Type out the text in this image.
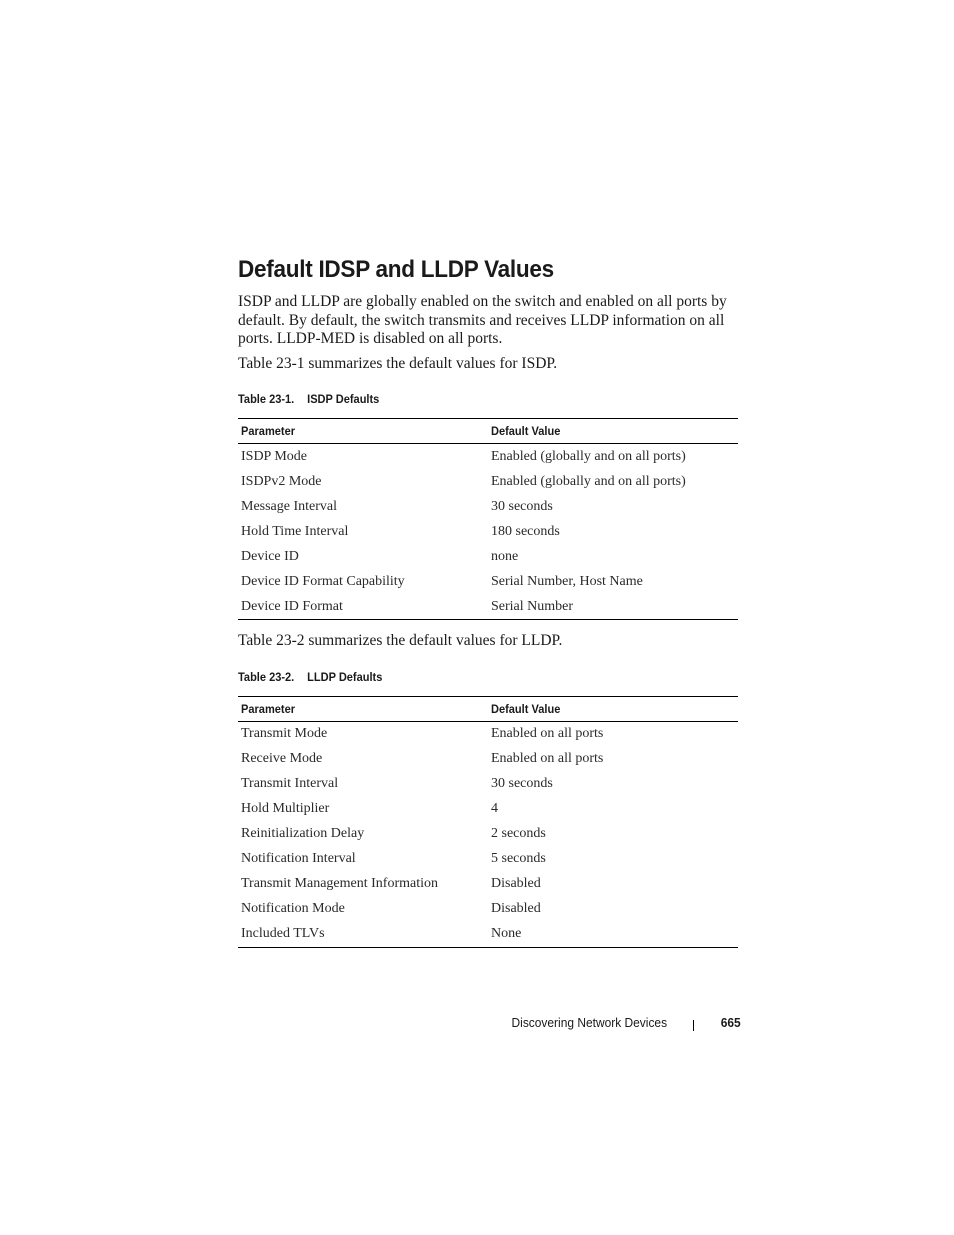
Default IDSP and LLDP Values

ISDP and LLDP are globally enabled on the switch and enabled on all ports by default. By default, the switch transmits and receives LLDP information on all ports. LLDP-MED is disabled on all ports.

Table 23-1 summarizes the default values for ISDP.

Table 23-1. ISDP Defaults
Parameter	Default Value
ISDP Mode	Enabled (globally and on all ports)
ISDPv2 Mode	Enabled (globally and on all ports)
Message Interval	30 seconds
Hold Time Interval	180 seconds
Device ID	none
Device ID Format Capability	Serial Number, Host Name
Device ID Format	Serial Number

Table 23-2 summarizes the default values for LLDP.

Table 23-2. LLDP Defaults
Parameter	Default Value
Transmit Mode	Enabled on all ports
Receive Mode	Enabled on all ports
Transmit Interval	30 seconds
Hold Multiplier	4
Reinitialization Delay	2 seconds
Notification Interval	5 seconds
Transmit Management Information	Disabled
Notification Mode	Disabled
Included TLVs	None
Discovering Network Devices	665
